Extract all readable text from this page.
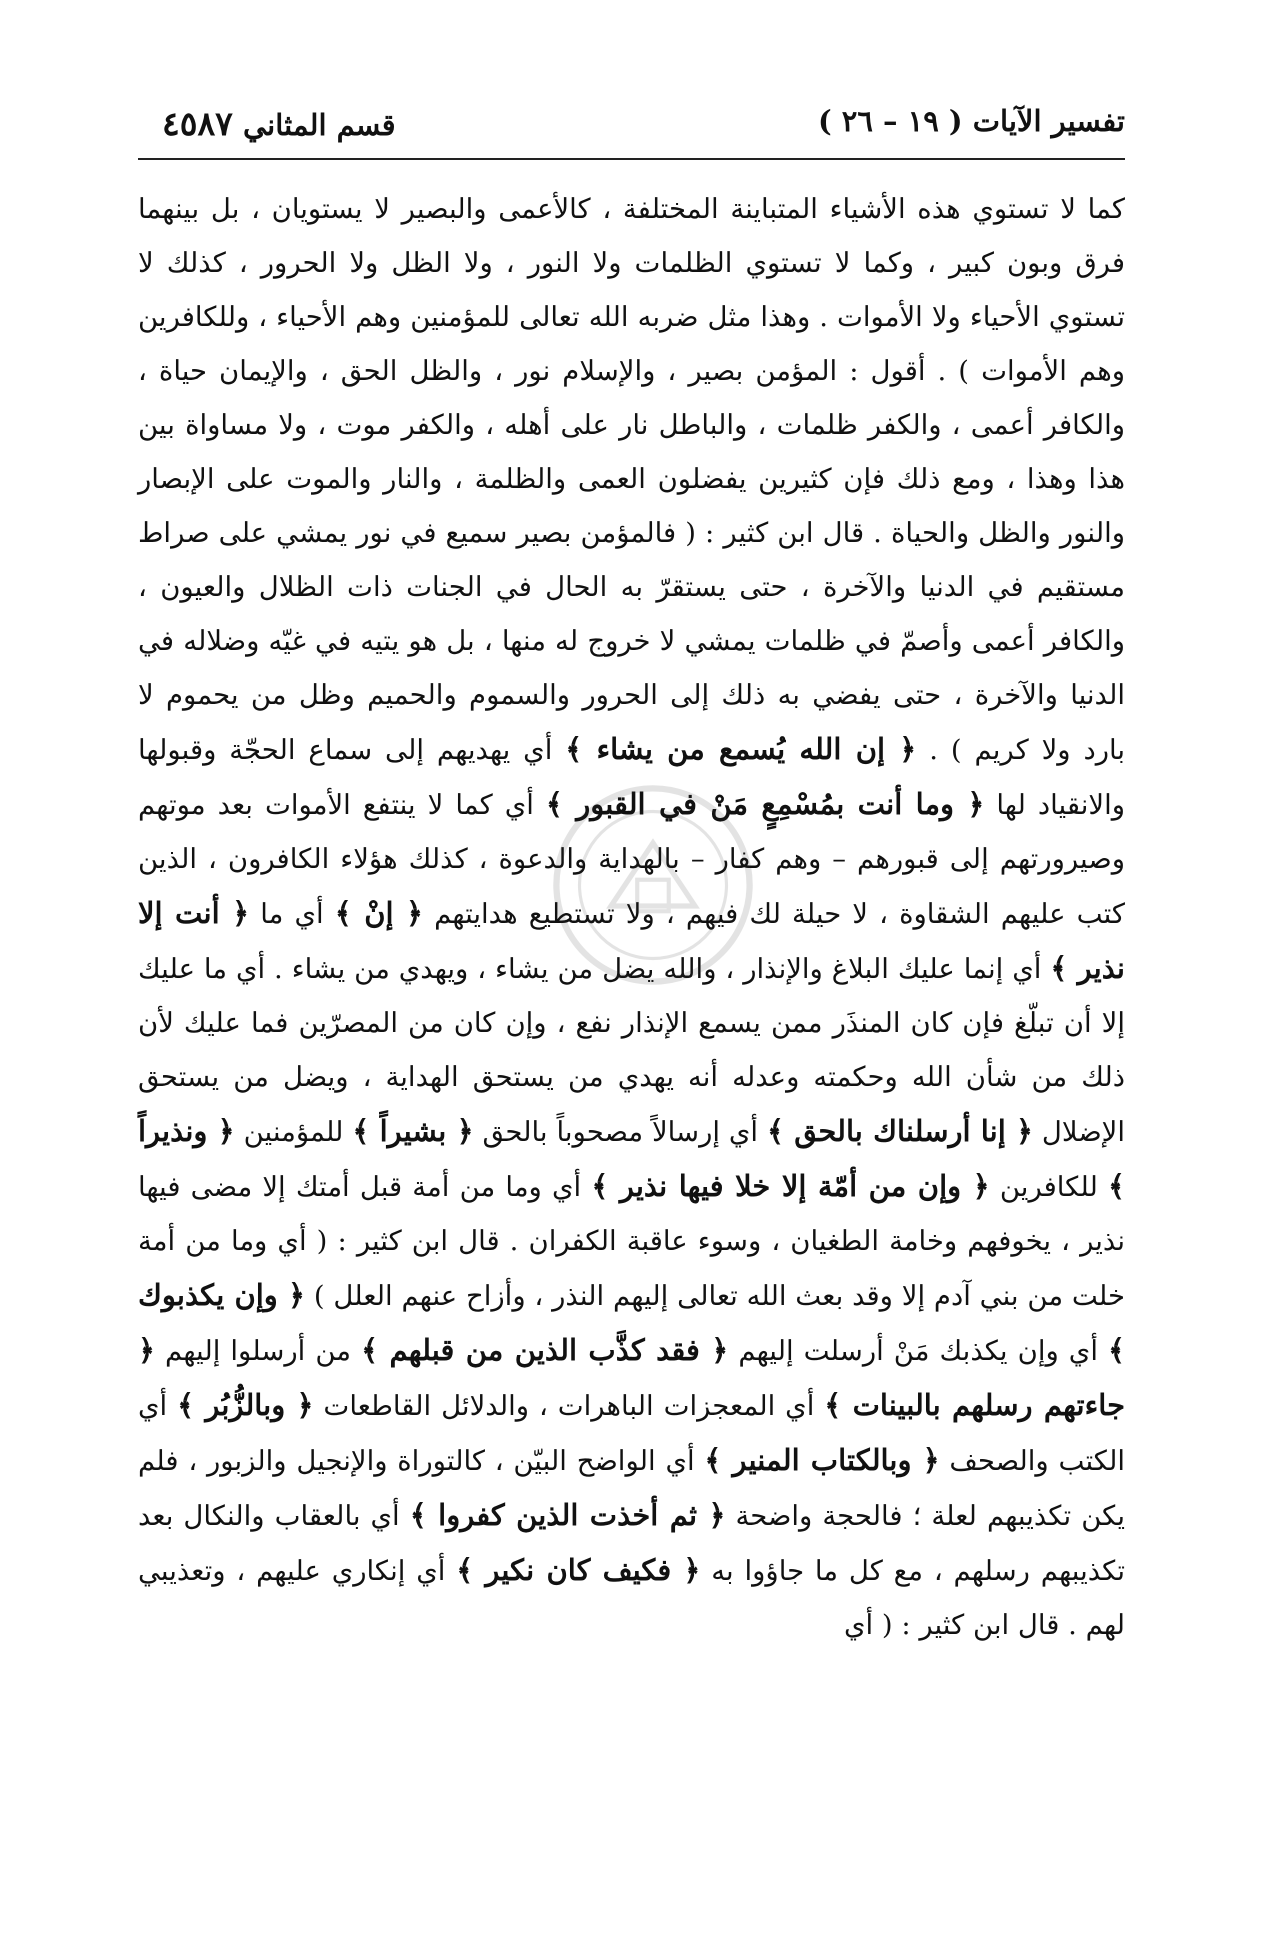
قسم المثاني ٤٥٨٧	تفسير الآيات ( ١٩ – ٢٦ )

كما لا تستوي هذه الأشياء المتباينة المختلفة ، كالأعمى والبصير لا يستويان ، بل بينهما فرق وبون كبير ، وكما لا تستوي الظلمات ولا النور ، ولا الظل ولا الحرور ، كذلك لا تستوي الأحياء ولا الأموات . وهذا مثل ضربه الله تعالى للمؤمنين وهم الأحياء ، وللكافرين وهم الأموات ) . أقول : المؤمن بصير ، والإسلام نور ، والظل الحق ، والإيمان حياة ، والكافر أعمى ، والكفر ظلمات ، والباطل نار على أهله ، والكفر موت ، ولا مساواة بين هذا وهذا ، ومع ذلك فإن كثيرين يفضلون العمى والظلمة ، والنار والموت على الإبصار والنور والظل والحياة . قال ابن كثير : ( فالمؤمن بصير سميع في نور يمشي على صراط مستقيم في الدنيا والآخرة ، حتى يستقرّ به الحال في الجنات ذات الظلال والعيون ، والكافر أعمى وأصمّ في ظلمات يمشي لا خروج له منها ، بل هو يتيه في غيّه وضلاله في الدنيا والآخرة ، حتى يفضي به ذلك إلى الحرور والسموم والحميم وظل من يحموم لا بارد ولا كريم ) . ﴿ إن الله يُسمع من يشاء ﴾ أي يهديهم إلى سماع الحجّة وقبولها والانقياد لها ﴿ وما أنت بمُسْمِعٍ مَنْ في القبور ﴾ أي كما لا ينتفع الأموات بعد موتهم وصيرورتهم إلى قبورهم – وهم كفار – بالهداية والدعوة ، كذلك هؤلاء الكافرون ، الذين كتب عليهم الشقاوة ، لا حيلة لك فيهم ، ولا تستطيع هدايتهم ﴿ إنْ ﴾ أي ما ﴿ أنت إلا نذير ﴾ أي إنما عليك البلاغ والإنذار ، والله يضل من يشاء ، ويهدي من يشاء . أي ما عليك إلا أن تبلّغ فإن كان المنذَر ممن يسمع الإنذار نفع ، وإن كان من المصرّين فما عليك لأن ذلك من شأن الله وحكمته وعدله أنه يهدي من يستحق الهداية ، ويضل من يستحق الإضلال ﴿ إنا أرسلناك بالحق ﴾ أي إرسالاً مصحوباً بالحق ﴿ بشيراً ﴾ للمؤمنين ﴿ ونذيراً ﴾ للكافرين ﴿ وإن من أمّة إلا خلا فيها نذير ﴾ أي وما من أمة قبل أمتك إلا مضى فيها نذير ، يخوفهم وخامة الطغيان ، وسوء عاقبة الكفران . قال ابن كثير : ( أي وما من أمة خلت من بني آدم إلا وقد بعث الله تعالى إليهم النذر ، وأزاح عنهم العلل ) ﴿ وإن يكذبوك ﴾ أي وإن يكذبك مَنْ أرسلت إليهم ﴿ فقد كذَّب الذين من قبلهم ﴾ من أرسلوا إليهم ﴿ جاءتهم رسلهم بالبينات ﴾ أي المعجزات الباهرات ، والدلائل القاطعات ﴿ وبالزُّبُر ﴾ أي الكتب والصحف ﴿ وبالكتاب المنير ﴾ أي الواضح البيّن ، كالتوراة والإنجيل والزبور ، فلم يكن تكذيبهم لعلة ؛ فالحجة واضحة ﴿ ثم أخذت الذين كفروا ﴾ أي بالعقاب والنكال بعد تكذيبهم رسلهم ، مع كل ما جاؤوا به ﴿ فكيف كان نكير ﴾ أي إنكاري عليهم ، وتعذيبي لهم . قال ابن كثير : ( أي
